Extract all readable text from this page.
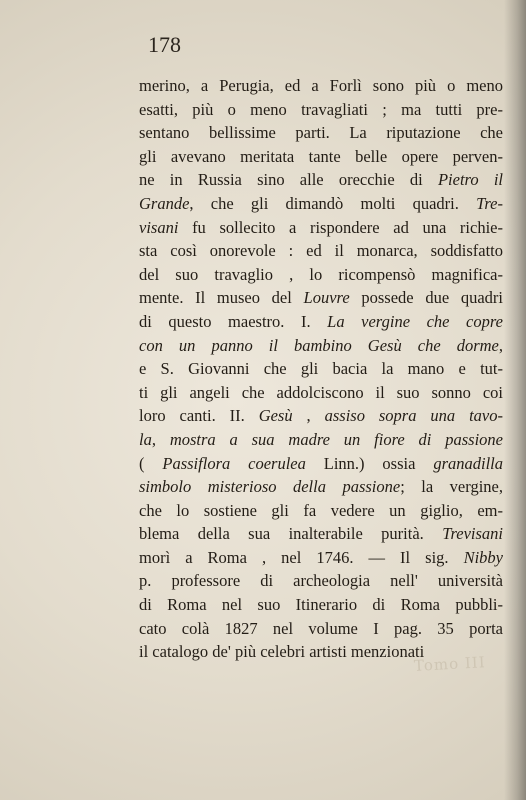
Tomo III
178
merino, a Perugia, ed a Forlì sono più o meno
esatti, più o meno travagliati ; ma tutti pre-
sentano bellissime parti. La riputazione che
gli avevano meritata tante belle opere perven-
ne in Russia sino alle orecchie di Pietro il
Grande, che gli dimandò molti quadri. Tre-
visani fu sollecito a rispondere ad una richie-
sta così onorevole : ed il monarca, soddisfatto
del suo travaglio , lo ricompensò magnifica-
mente. Il museo del Louvre possede due quadri
di questo maestro. I. La vergine che copre
con un panno il bambino Gesù che dorme,
e S. Giovanni che gli bacia la mano e tut-
ti gli angeli che addolciscono il suo sonno coi
loro canti. II. Gesù , assiso sopra una tavo-
la, mostra a sua madre un fiore di passione
( Passiflora coerulea Linn.) ossia granadilla
simbolo misterioso della passione; la vergine,
che lo sostiene gli fa vedere un giglio, em-
blema della sua inalterabile purità. Trevisani
morì a Roma , nel 1746. — Il sig. Nibby
p. professore di archeologia nell' università
di Roma nel suo Itinerario di Roma pubbli-
cato colà 1827 nel volume I pag. 35 porta
il catalogo de' più celebri artisti menzionati
